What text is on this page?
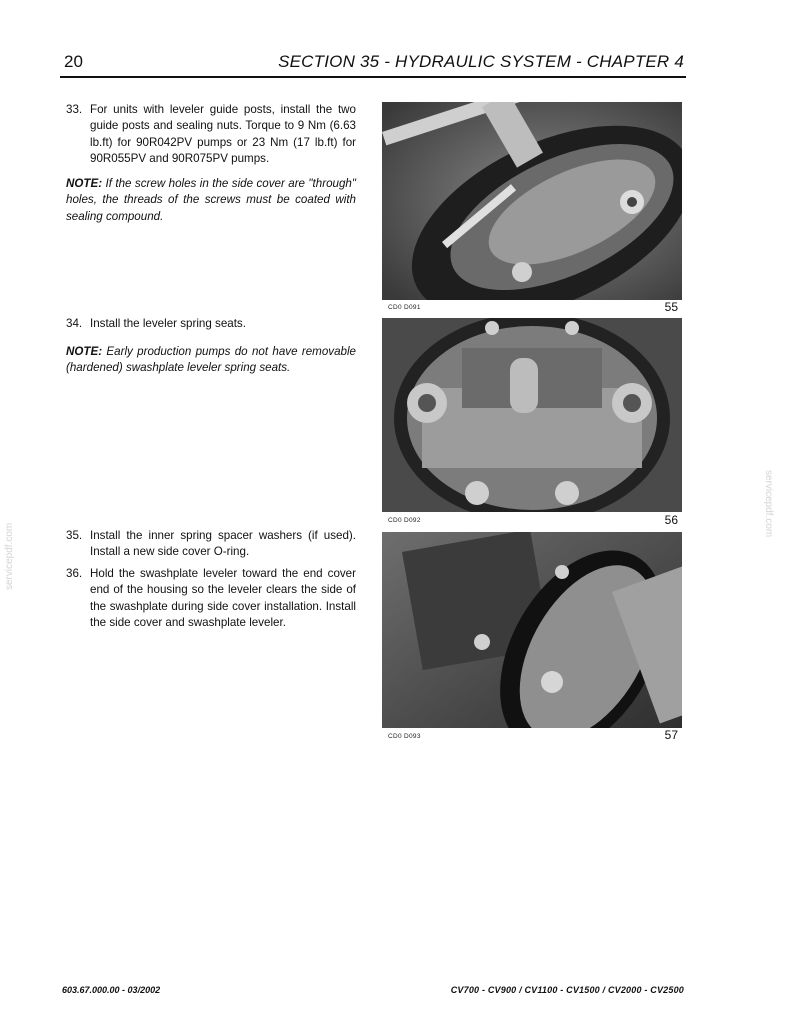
20	SECTION 35 - HYDRAULIC SYSTEM - CHAPTER 4
33. For units with leveler guide posts, install the two guide posts and sealing nuts. Torque to 9 Nm (6.63 lb.ft) for 90R042PV pumps or 23 Nm (17 lb.ft) for 90R055PV and 90R075PV pumps.
NOTE: If the screw holes in the side cover are "through" holes, the threads of the screws must be coated with sealing compound.
34. Install the leveler spring seats.
NOTE: Early production pumps do not have removable (hardened) swashplate leveler spring seats.
35. Install the inner spring spacer washers (if used). Install a new side cover O-ring.
36. Hold the swashplate leveler toward the end cover end of the housing so the leveler clears the side of the swashplate during side cover installation. Install the side cover and swashplate leveler.
CD0 D091	55
CD0 D092	56
CD0 D093	57
servicepdf.com
servicepdf.com
603.67.000.00 - 03/2002	CV700 - CV900 / CV1100 - CV1500 / CV2000 - CV2500
